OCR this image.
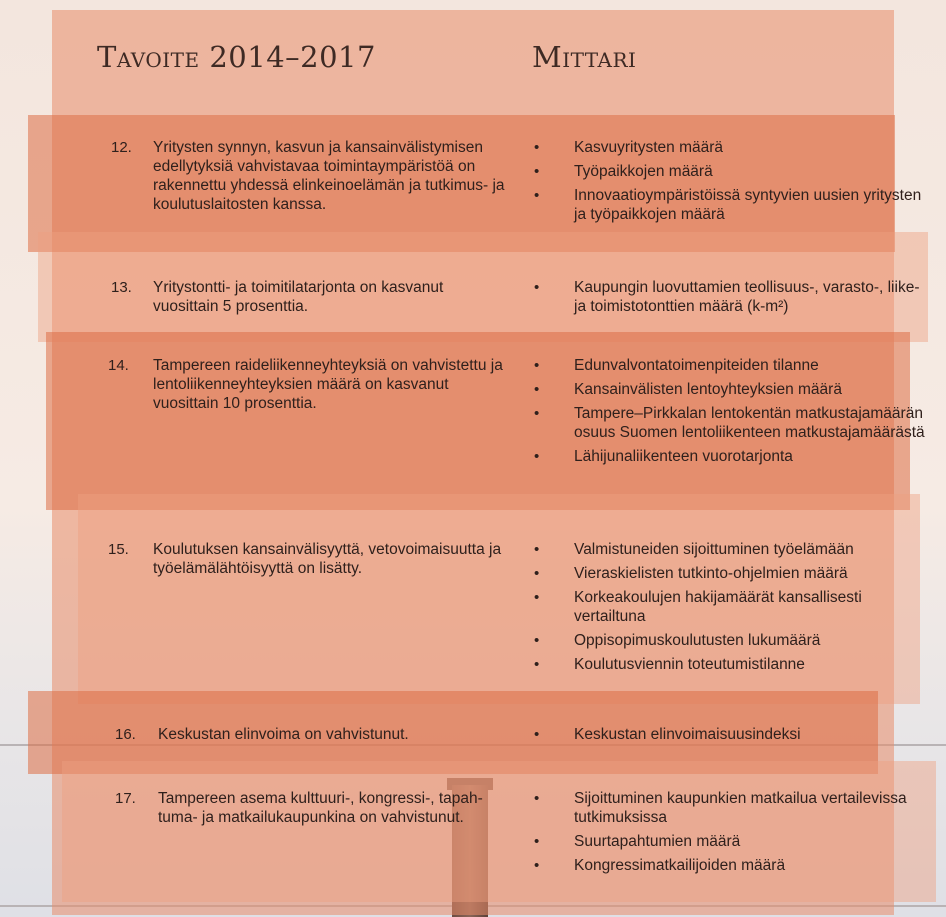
Tavoite 2014–2017	Mittari
12. Yritysten synnyn, kasvun ja kansainvälistymisen edellytyksiä vahvistavaa toimintaympäristöä on rakennettu yhdessä elinkeinoelämän ja tutkimus- ja koulutuslaitosten kanssa.
• Kasvuyritysten määrä
• Työpaikkojen määrä
• Innovaatioympäristöissä syntyvien uusien yritysten ja työpaikkojen määrä
13. Yritystontti- ja toimitilatarjonta on kasvanut vuosittain 5 prosenttia.
• Kaupungin luovuttamien teollisuus-, varasto-, liike- ja toimistotonttien määrä (k-m²)
14. Tampereen raideliikenneyhteyksiä on vahvistettu ja lentoliikenneyhteyksien määrä on kasvanut vuosittain 10 prosenttia.
• Edunvalvontatoimenpiteiden tilanne
• Kansainvälisten lentoyhteyksien määrä
• Tampere–Pirkkalan lentokentän matkustajamäärän osuus Suomen lentoliikenteen matkustajamäärästä
• Lähijunaliikenteen vuorotarjonta
15. Koulutuksen kansainvälisyyttä, vetovoimaisuutta ja työelämälähtöisyyttä on lisätty.
• Valmistuneiden sijoittuminen työelämään
• Vieraskielisten tutkinto-ohjelmien määrä
• Korkeakoulujen hakijamäärät kansallisesti vertailtuna
• Oppisopimuskoulutusten lukumäärä
• Koulutusviennin toteutumistilanne
16. Keskustan elinvoima on vahvistunut.	• Keskustan elinvoimaisuusindeksi
17. Tampereen asema kulttuuri-, kongressi-, tapahtuma- ja matkailukaupunkina on vahvistunut.
• Sijoittuminen kaupunkien matkailua vertailevissa tutkimuksissa
• Suurtapahtumien määrä
• Kongressimatkailijoiden määrä
